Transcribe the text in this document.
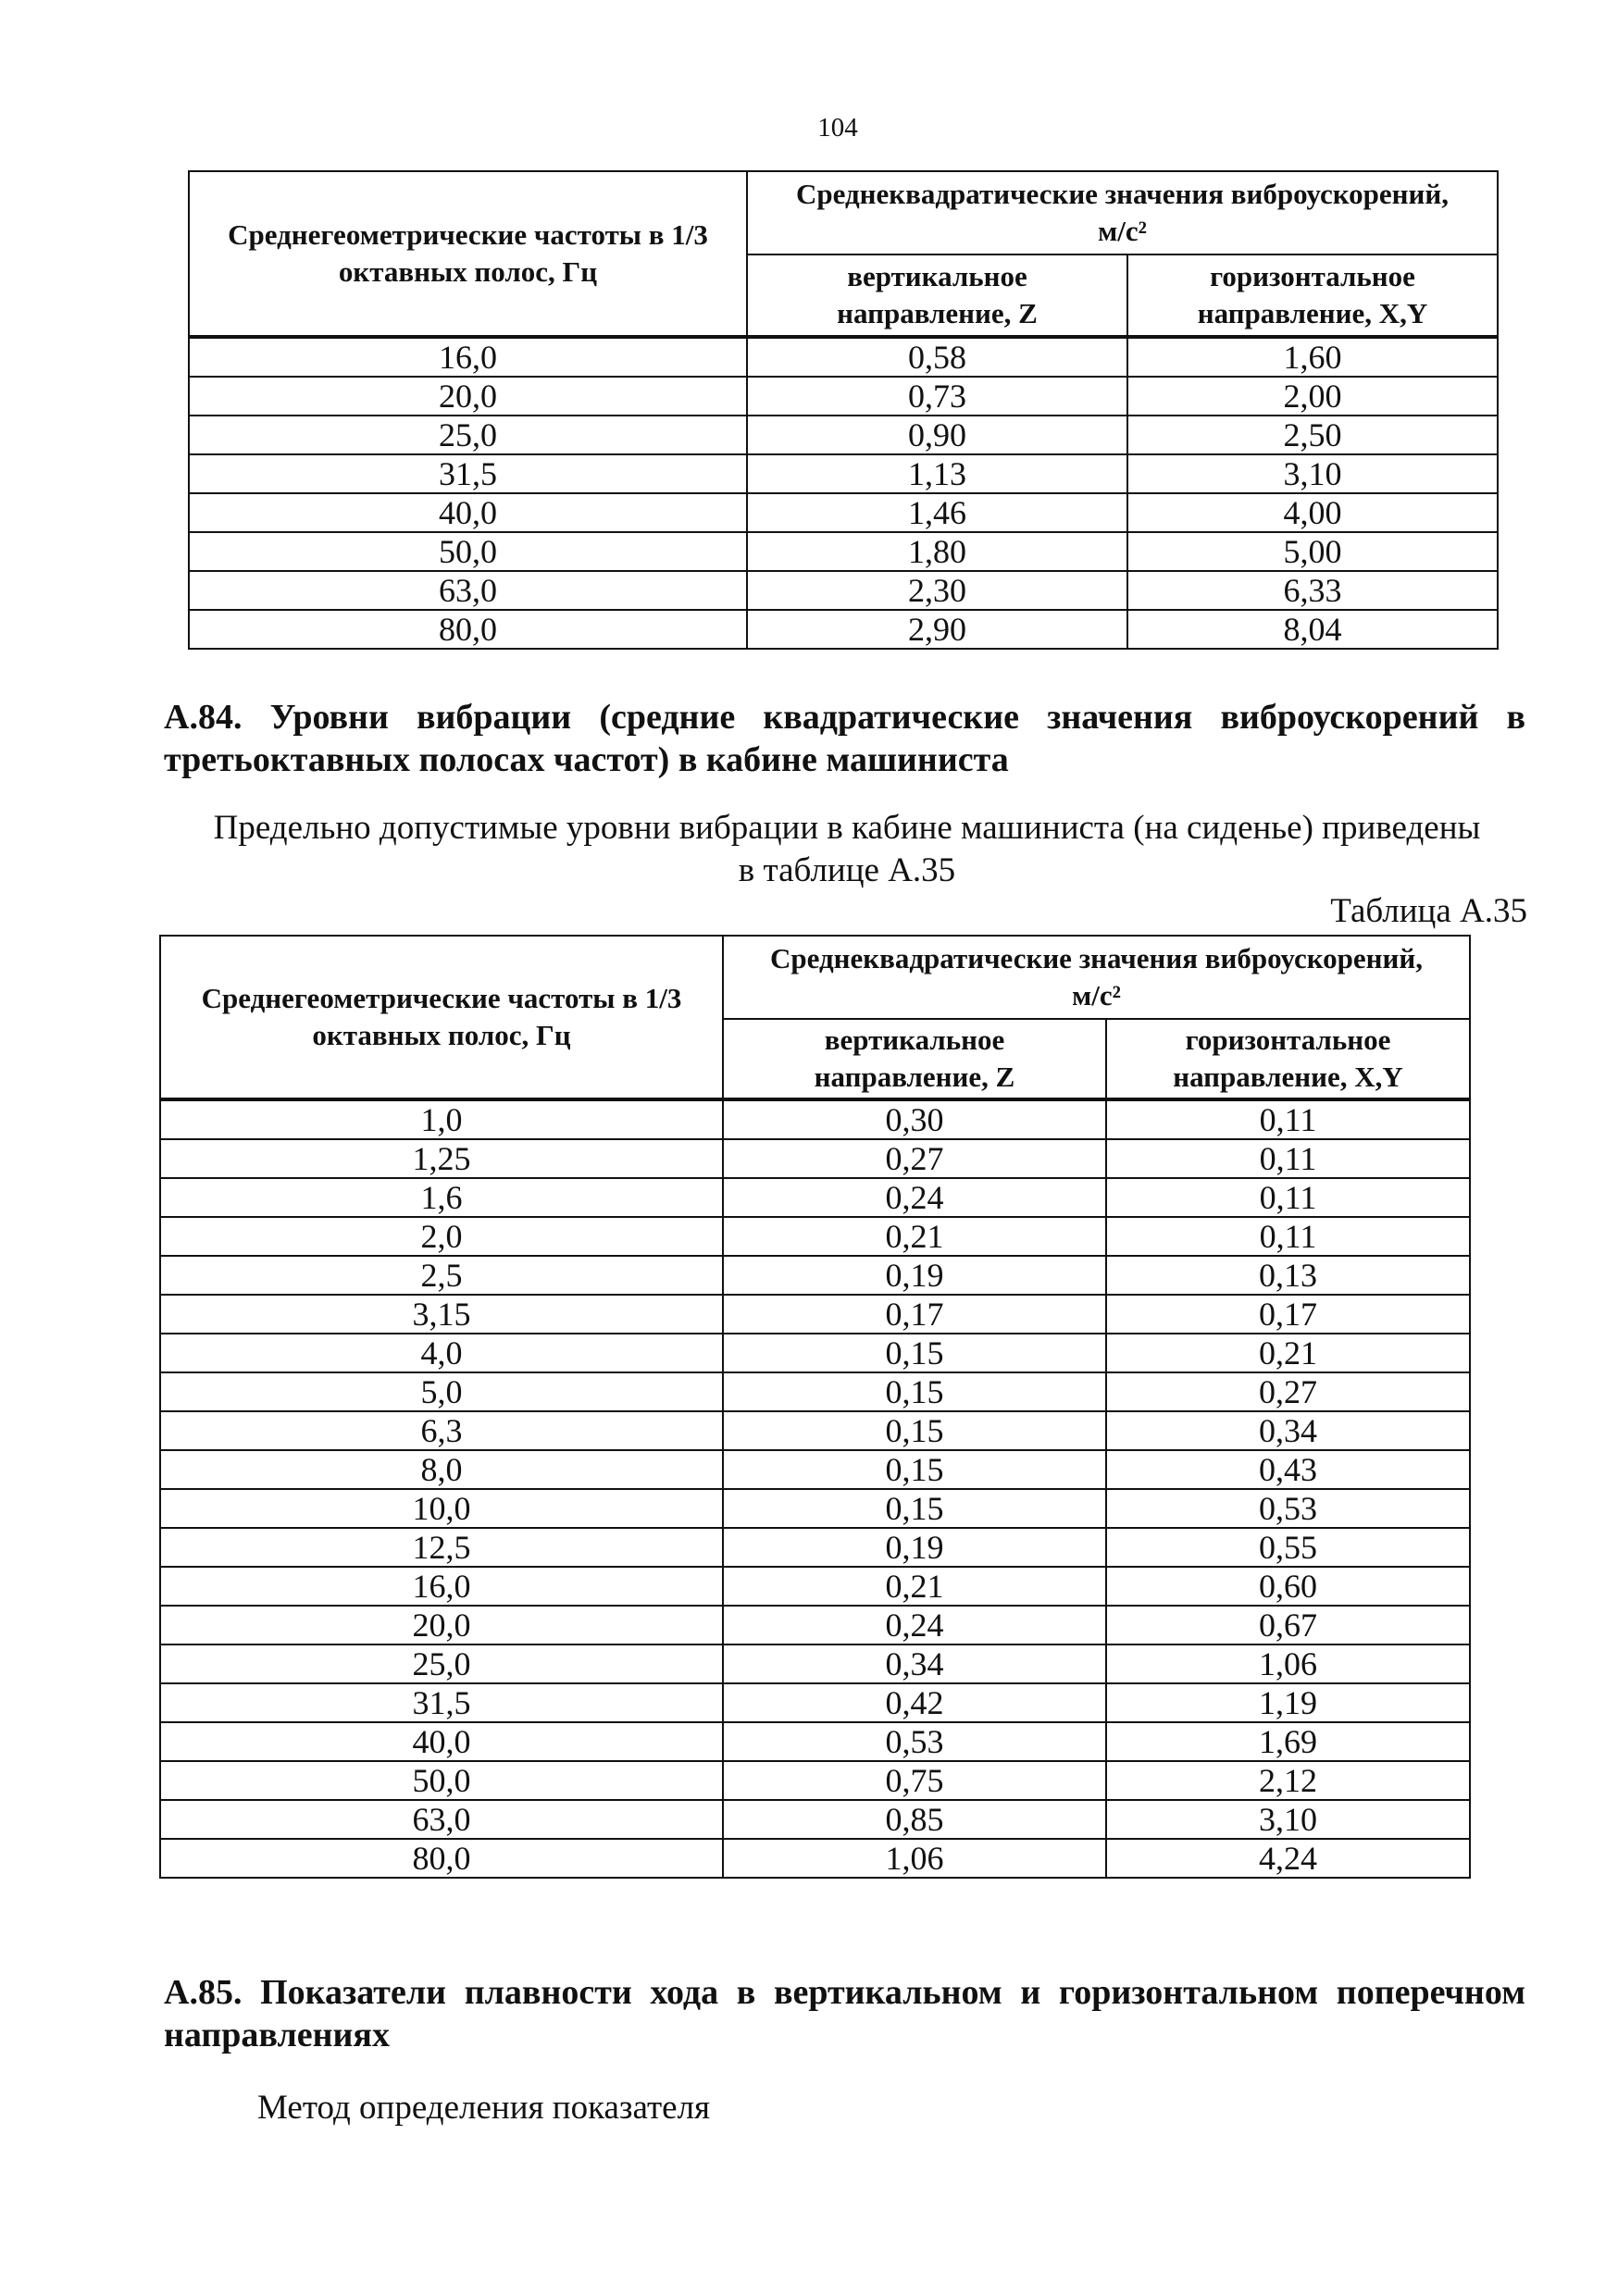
104
Среднегеометрические частоты в 1/3 октавных полос, Гц	Среднеквадратические значения виброускорений, м/с²	
	вертикальное направление, Z	горизонтальное направление, X,Y
16,0	0,58	1,60
20,0	0,73	2,00
25,0	0,90	2,50
31,5	1,13	3,10
40,0	1,46	4,00
50,0	1,80	5,00
63,0	2,30	6,33
80,0	2,90	8,04
А.84. Уровни вибрации (средние квадратические значения виброускорений в третьоктавных полосах частот) в кабине машиниста
Предельно допустимые уровни вибрации в кабине машиниста (на сиденье) приведены в таблице А.35
Таблица А.35
Среднегеометрические частоты в 1/3 октавных полос, Гц	Среднеквадратические значения виброускорений, м/с²	
	вертикальное направление, Z	горизонтальное направление, X,Y
1,0	0,30	0,11
1,25	0,27	0,11
1,6	0,24	0,11
2,0	0,21	0,11
2,5	0,19	0,13
3,15	0,17	0,17
4,0	0,15	0,21
5,0	0,15	0,27
6,3	0,15	0,34
8,0	0,15	0,43
10,0	0,15	0,53
12,5	0,19	0,55
16,0	0,21	0,60
20,0	0,24	0,67
25,0	0,34	1,06
31,5	0,42	1,19
40,0	0,53	1,69
50,0	0,75	2,12
63,0	0,85	3,10
80,0	1,06	4,24
А.85. Показатели плавности хода в вертикальном и горизонтальном поперечном направлениях
Метод определения показателя
